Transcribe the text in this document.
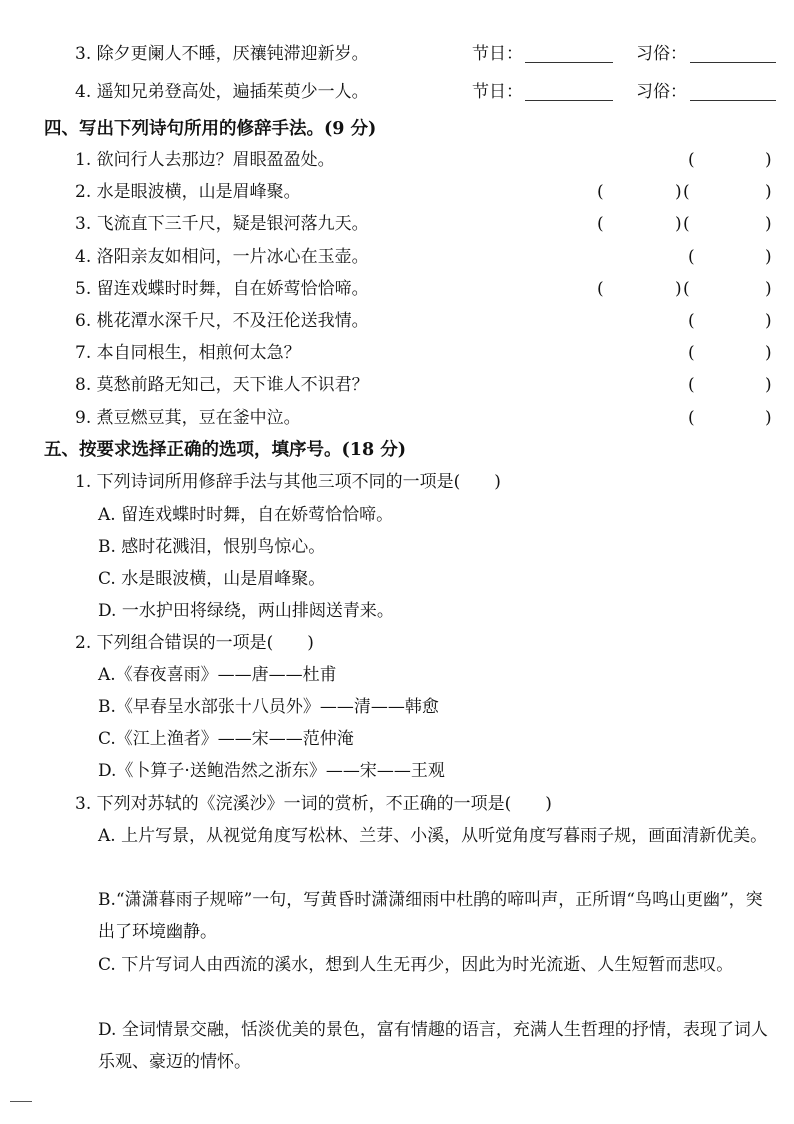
3. 除夕更阑人不睡，厌禳钝滞迎新岁。	节日：	习俗：
4. 遥知兄弟登高处，遍插茱萸少一人。	节日：	习俗：
四、写出下列诗句所用的修辞手法。(9 分)
1. 欲问行人去那边？眉眼盈盈处。	(	)
2. 水是眼波横，山是眉峰聚。	(	) (	)
3. 飞流直下三千尺，疑是银河落九天。	(	) (	)
4. 洛阳亲友如相问，一片冰心在玉壶。	(	)
5. 留连戏蝶时时舞，自在娇莺恰恰啼。	(	) (	)
6. 桃花潭水深千尺，不及汪伦送我情。	(	)
7. 本自同根生，相煎何太急？	(	)
8. 莫愁前路无知己，天下谁人不识君？	(	)
9. 煮豆燃豆萁，豆在釜中泣。	(	)
五、按要求选择正确的选项，填序号。(18 分)
1. 下列诗词所用修辞手法与其他三项不同的一项是(　　)
A. 留连戏蝶时时舞，自在娇莺恰恰啼。
B. 感时花溅泪，恨别鸟惊心。
C. 水是眼波横，山是眉峰聚。
D. 一水护田将绿绕，两山排闼送青来。
2. 下列组合错误的一项是(　　)
A.《春夜喜雨》——唐——杜甫
B.《早春呈水部张十八员外》——清——韩愈
C.《江上渔者》——宋——范仲淹
D.《卜算子·送鲍浩然之浙东》——宋——王观
3. 下列对苏轼的《浣溪沙》一词的赏析，不正确的一项是(　　)
A. 上片写景，从视觉角度写松林、兰芽、小溪，从听觉角度写暮雨子规，画面清新优美。
B.“潇潇暮雨子规啼”一句，写黄昏时潇潇细雨中杜鹃的啼叫声，正所谓“鸟鸣山更幽”，突出了环境幽静。
C. 下片写词人由西流的溪水，想到人生无再少，因此为时光流逝、人生短暂而悲叹。
D. 全词情景交融，恬淡优美的景色，富有情趣的语言，充满人生哲理的抒情，表现了词人乐观、豪迈的情怀。
